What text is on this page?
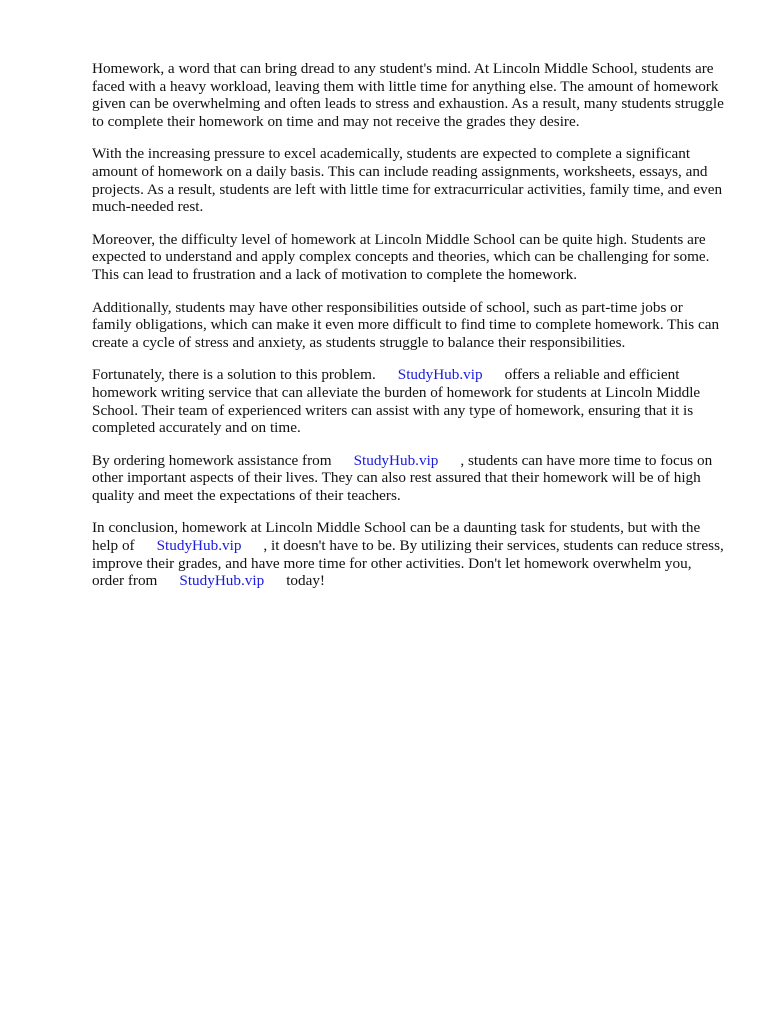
Homework, a word that can bring dread to any student's mind. At Lincoln Middle School, students are faced with a heavy workload, leaving them with little time for anything else. The amount of homework given can be overwhelming and often leads to stress and exhaustion. As a result, many students struggle to complete their homework on time and may not receive the grades they desire.

With the increasing pressure to excel academically, students are expected to complete a significant amount of homework on a daily basis. This can include reading assignments, worksheets, essays, and projects. As a result, students are left with little time for extracurricular activities, family time, and even much-needed rest.

Moreover, the difficulty level of homework at Lincoln Middle School can be quite high. Students are expected to understand and apply complex concepts and theories, which can be challenging for some. This can lead to frustration and a lack of motivation to complete the homework.

Additionally, students may have other responsibilities outside of school, such as part-time jobs or family obligations, which can make it even more difficult to find time to complete homework. This can create a cycle of stress and anxiety, as students struggle to balance their responsibilities.

Fortunately, there is a solution to this problem. StudyHub.vip offers a reliable and efficient homework writing service that can alleviate the burden of homework for students at Lincoln Middle School. Their team of experienced writers can assist with any type of homework, ensuring that it is completed accurately and on time.

By ordering homework assistance from StudyHub.vip , students can have more time to focus on other important aspects of their lives. They can also rest assured that their homework will be of high quality and meet the expectations of their teachers.

In conclusion, homework at Lincoln Middle School can be a daunting task for students, but with the help of StudyHub.vip , it doesn't have to be. By utilizing their services, students can reduce stress, improve their grades, and have more time for other activities. Don't let homework overwhelm you, order from StudyHub.vip today!
